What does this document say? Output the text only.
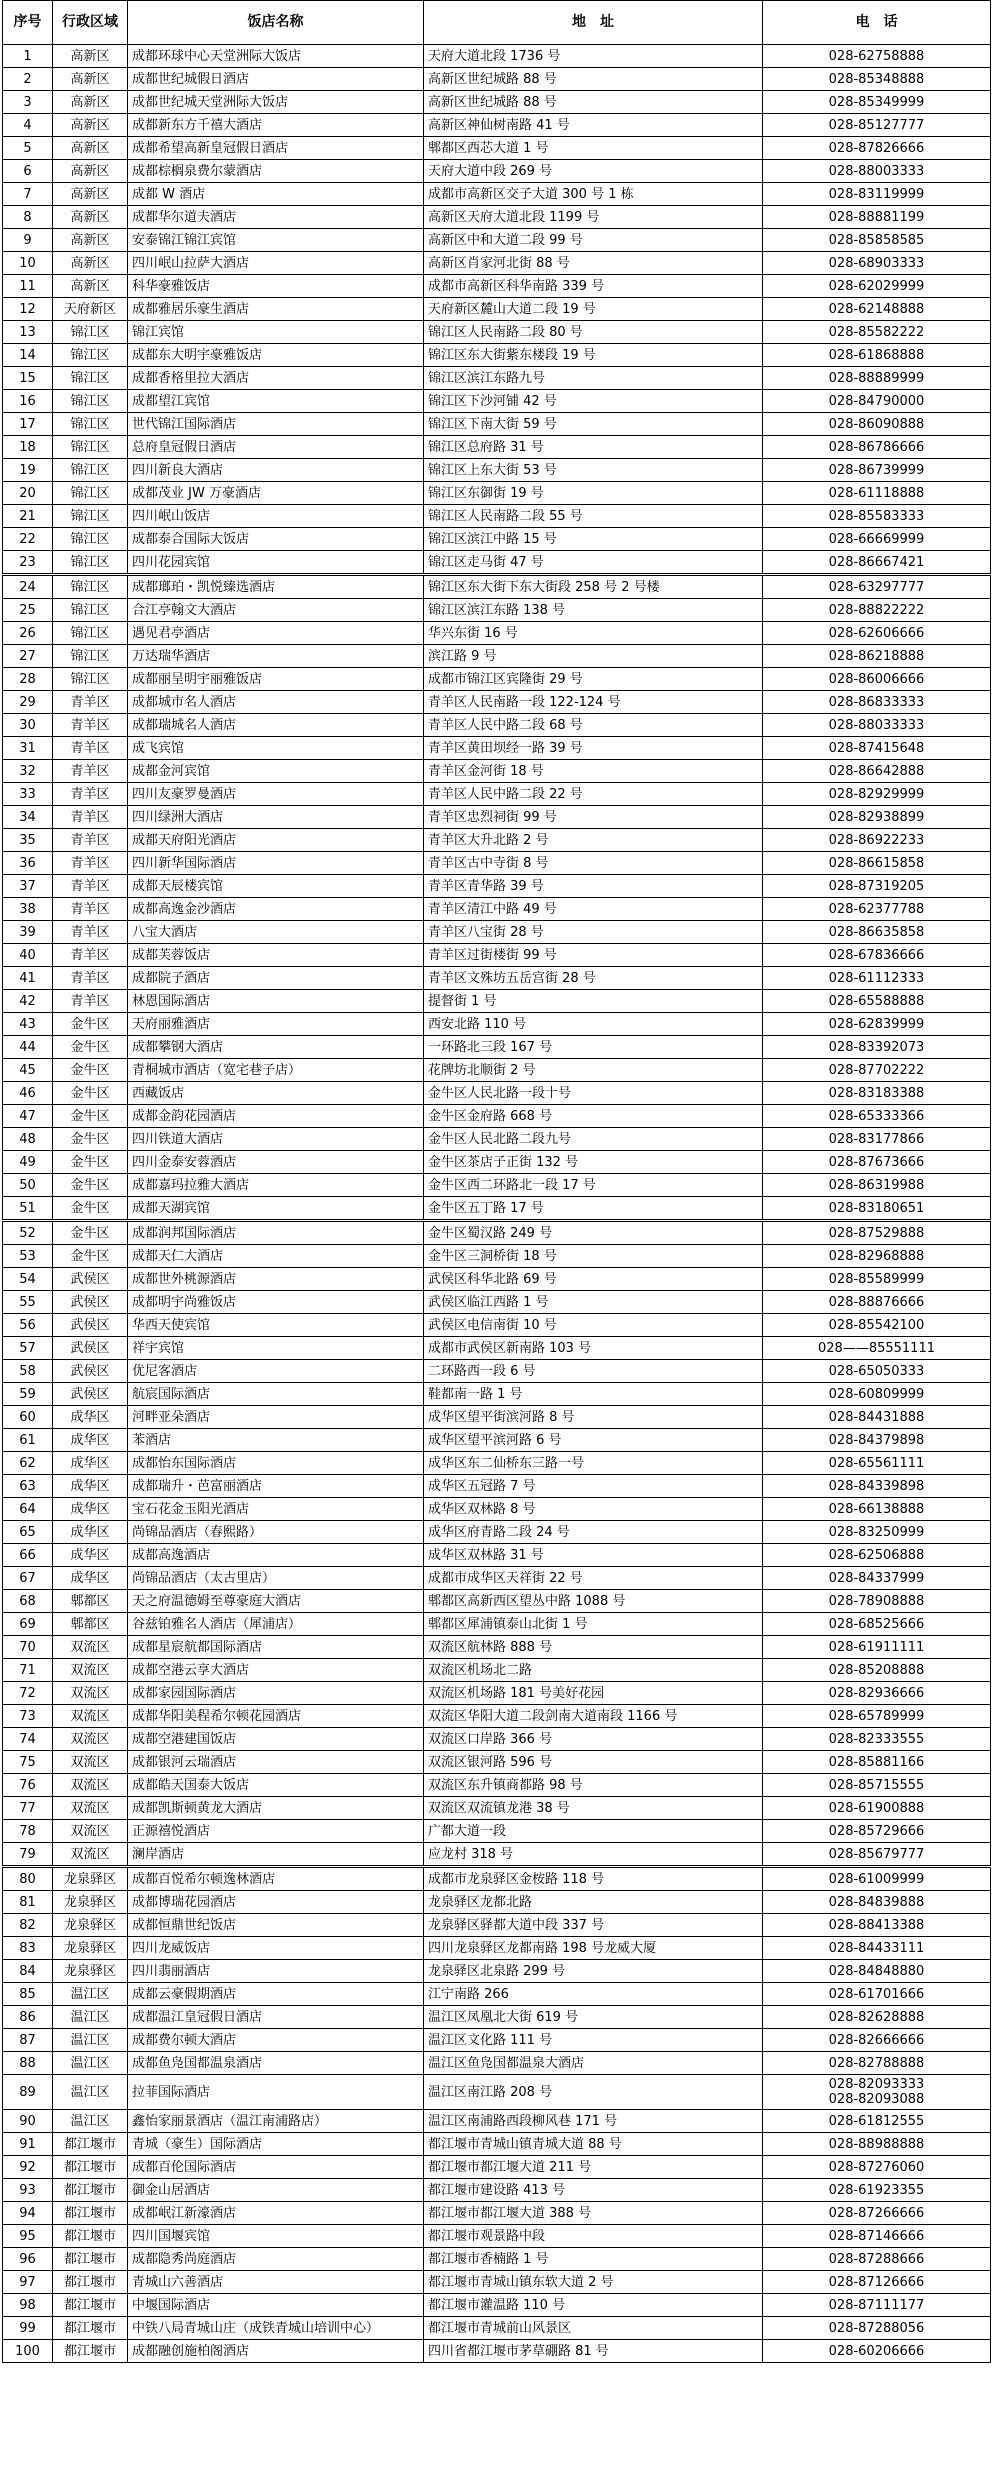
序号	行政区域	饭店名称	地　址	电　话
1	高新区	成都环球中心天堂洲际大饭店	天府大道北段 1736 号	028-62758888
2	高新区	成都世纪城假日酒店	高新区世纪城路 88 号	028-85348888
3	高新区	成都世纪城天堂洲际大饭店	高新区世纪城路 88 号	028-85349999
4	高新区	成都新东方千禧大酒店	高新区神仙树南路 41 号	028-85127777
5	高新区	成都希望高新皇冠假日酒店	郫都区西芯大道 1 号	028-87826666
6	高新区	成都棕榈泉费尔蒙酒店	天府大道中段 269 号	028-88003333
7	高新区	成都 W 酒店	成都市高新区交子大道 300 号 1 栋	028-83119999
8	高新区	成都华尔道夫酒店	高新区天府大道北段 1199 号	028-88881199
9	高新区	安泰锦江锦江宾馆	高新区中和大道二段 99 号	028-85858585
10	高新区	四川岷山拉萨大酒店	高新区肖家河北街 88 号	028-68903333
11	高新区	科华豪雅饭店	成都市高新区科华南路 339 号	028-62029999
12	天府新区	成都雅居乐豪生酒店	天府新区麓山大道二段 19 号	028-62148888
13	锦江区	锦江宾馆	锦江区人民南路二段 80 号	028-85582222
14	锦江区	成都东大明宇豪雅饭店	锦江区东大街紫东楼段 19 号	028-61868888
15	锦江区	成都香格里拉大酒店	锦江区滨江东路九号	028-88889999
16	锦江区	成都望江宾馆	锦江区下沙河铺 42 号	028-84790000
17	锦江区	世代锦江国际酒店	锦江区下南大街 59 号	028-86090888
18	锦江区	总府皇冠假日酒店	锦江区总府路 31 号	028-86786666
19	锦江区	四川新良大酒店	锦江区上东大街 53 号	028-86739999
20	锦江区	成都茂业 JW 万豪酒店	锦江区东御街 19 号	028-61118888
21	锦江区	四川岷山饭店	锦江区人民南路二段 55 号	028-85583333
22	锦江区	成都泰合国际大饭店	锦江区滨江中路 15 号	028-66669999
23	锦江区	四川花园宾馆	锦江区走马街 47 号	028-86667421
24	锦江区	成都瑯珀・凯悦臻选酒店	锦江区东大街下东大街段 258 号 2 号楼	028-63297777
25	锦江区	合江亭翰文大酒店	锦江区滨江东路 138 号	028-88822222
26	锦江区	遇见君亭酒店	华兴东街 16 号	028-62606666
27	锦江区	万达瑞华酒店	滨江路 9 号	028-86218888
28	锦江区	成都丽呈明宇丽雅饭店	成都市锦江区宾隆街 29 号	028-86006666
29	青羊区	成都城市名人酒店	青羊区人民南路一段 122-124 号	028-86833333
30	青羊区	成都瑞城名人酒店	青羊区人民中路二段 68 号	028-88033333
31	青羊区	成飞宾馆	青羊区黄田坝经一路 39 号	028-87415648
32	青羊区	成都金河宾馆	青羊区金河街 18 号	028-86642888
33	青羊区	四川友豪罗曼酒店	青羊区人民中路二段 22 号	028-82929999
34	青羊区	四川绿洲大酒店	青羊区忠烈祠街 99 号	028-82938899
35	青羊区	成都天府阳光酒店	青羊区大升北路 2 号	028-86922233
36	青羊区	四川新华国际酒店	青羊区古中寺街 8 号	028-86615858
37	青羊区	成都天辰楼宾馆	青羊区青华路 39 号	028-87319205
38	青羊区	成都高逸金沙酒店	青羊区清江中路 49 号	028-62377788
39	青羊区	八宝大酒店	青羊区八宝街 28 号	028-86635858
40	青羊区	成都芙蓉饭店	青羊区过街楼街 99 号	028-67836666
41	青羊区	成都院子酒店	青羊区文殊坊五岳宫街 28 号	028-61112333
42	青羊区	林恩国际酒店	提督街 1 号	028-65588888
43	金牛区	天府丽雅酒店	西安北路 110 号	028-62839999
44	金牛区	成都攀钢大酒店	一环路北三段 167 号	028-83392073
45	金牛区	青桐城市酒店（宽宅巷子店）	花牌坊北顺街 2 号	028-87702222
46	金牛区	西藏饭店	金牛区人民北路一段十号	028-83183388
47	金牛区	成都金韵花园酒店	金牛区金府路 668 号	028-65333366
48	金牛区	四川铁道大酒店	金牛区人民北路二段九号	028-83177866
49	金牛区	四川金泰安蓉酒店	金牛区茶店子正街 132 号	028-87673666
50	金牛区	成都嘉玛拉雅大酒店	金牛区西二环路北一段 17 号	028-86319988
51	金牛区	成都天湖宾馆	金牛区五丁路 17 号	028-83180651
52	金牛区	成都润邦国际酒店	金牛区蜀汉路 249 号	028-87529888
53	金牛区	成都天仁大酒店	金牛区三洞桥街 18 号	028-82968888
54	武侯区	成都世外桃源酒店	武侯区科华北路 69 号	028-85589999
55	武侯区	成都明宇尚雅饭店	武侯区临江西路 1 号	028-88876666
56	武侯区	华西天使宾馆	武侯区电信南街 10 号	028-85542100
57	武侯区	祥宇宾馆	成都市武侯区新南路 103 号	028——85551111
58	武侯区	优尼客酒店	二环路西一段 6 号	028-65050333
59	武侯区	航宸国际酒店	鞋都南一路 1 号	028-60809999
60	成华区	河畔亚朵酒店	成华区望平街滨河路 8 号	028-84431888
61	成华区	苯酒店	成华区望平滨河路 6 号	028-84379898
62	成华区	成都怡东国际酒店	成华区东二仙桥东三路一号	028-65561111
63	成华区	成都瑞升・芭富丽酒店	成华区五冠路 7 号	028-84339898
64	成华区	宝石花金玉阳光酒店	成华区双林路 8 号	028-66138888
65	成华区	尚锦品酒店（春熙路）	成华区府青路二段 24 号	028-83250999
66	成华区	成都高逸酒店	成华区双林路 31 号	028-62506888
67	成华区	尚锦品酒店（太古里店）	成都市成华区天祥街 22 号	028-84337999
68	郫都区	天之府温德姆至尊豪庭大酒店	郫都区高新西区望丛中路 1088 号	028-78908888
69	郫都区	谷兹铂雅名人酒店（犀浦店）	郫都区犀浦镇泰山北街 1 号	028-68525666
70	双流区	成都星宸航都国际酒店	双流区航林路 888 号	028-61911111
71	双流区	成都空港云享大酒店	双流区机场北二路	028-85208888
72	双流区	成都家园国际酒店	双流区机场路 181 号美好花园	028-82936666
73	双流区	成都华阳美程希尔顿花园酒店	双流区华阳大道二段剑南大道南段 1166 号	028-65789999
74	双流区	成都空港建国饭店	双流区口岸路 366 号	028-82333555
75	双流区	成都银河云瑞酒店	双流区银河路 596 号	028-85881166
76	双流区	成都皓天国泰大饭店	双流区东升镇商都路 98 号	028-85715555
77	双流区	成都凯斯顿黄龙大酒店	双流区双流镇龙港 38 号	028-61900888
78	双流区	正源禧悦酒店	广都大道一段	028-85729666
79	双流区	澜岸酒店	应龙村 318 号	028-85679777
80	龙泉驿区	成都百悦希尔顿逸林酒店	成都市龙泉驿区金桉路 118 号	028-61009999
81	龙泉驿区	成都博瑞花园酒店	龙泉驿区龙都北路	028-84839888
82	龙泉驿区	成都恒鼎世纪饭店	龙泉驿区驿都大道中段 337 号	028-88413388
83	龙泉驿区	四川龙威饭店	四川龙泉驿区龙都南路 198 号龙威大厦	028-84433111
84	龙泉驿区	四川翡丽酒店	龙泉驿区北泉路 299 号	028-84848880
85	温江区	成都云豪假期酒店	江宁南路 266	028-61701666
86	温江区	成都温江皇冠假日酒店	温江区凤凰北大街 619 号	028-82628888
87	温江区	成都费尔顿大酒店	温江区文化路 111 号	028-82666666
88	温江区	成都鱼凫国都温泉酒店	温江区鱼凫国都温泉大酒店	028-82788888
89	温江区	拉菲国际酒店	温江区南江路 208 号	028-82093333
028-82093088
90	温江区	鑫怡家丽景酒店（温江南浦路店）	温江区南浦路西段柳风巷 171 号	028-61812555
91	都江堰市	青城（豪生）国际酒店	都江堰市青城山镇青城大道 88 号	028-88988888
92	都江堰市	成都百伦国际酒店	都江堰市都江堰大道 211 号	028-87276060
93	都江堰市	御金山居酒店	都江堰市建设路 413 号	028-61923355
94	都江堰市	成都岷江新濠酒店	都江堰市都江堰大道 388 号	028-87266666
95	都江堰市	四川国堰宾馆	都江堰市观景路中段	028-87146666
96	都江堰市	成都隐秀尚庭酒店	都江堰市香楠路 1 号	028-87288666
97	都江堰市	青城山六善酒店	都江堰市青城山镇东软大道 2 号	028-87126666
98	都江堰市	中堰国际酒店	都江堰市灌温路 110 号	028-87111177
99	都江堰市	中铁八局青城山庄（成铁青城山培训中心）	都江堰市青城前山风景区	028-87288056
100	都江堰市	成都融创施柏阁酒店	四川省都江堰市茅草硼路 81 号	028-60206666
